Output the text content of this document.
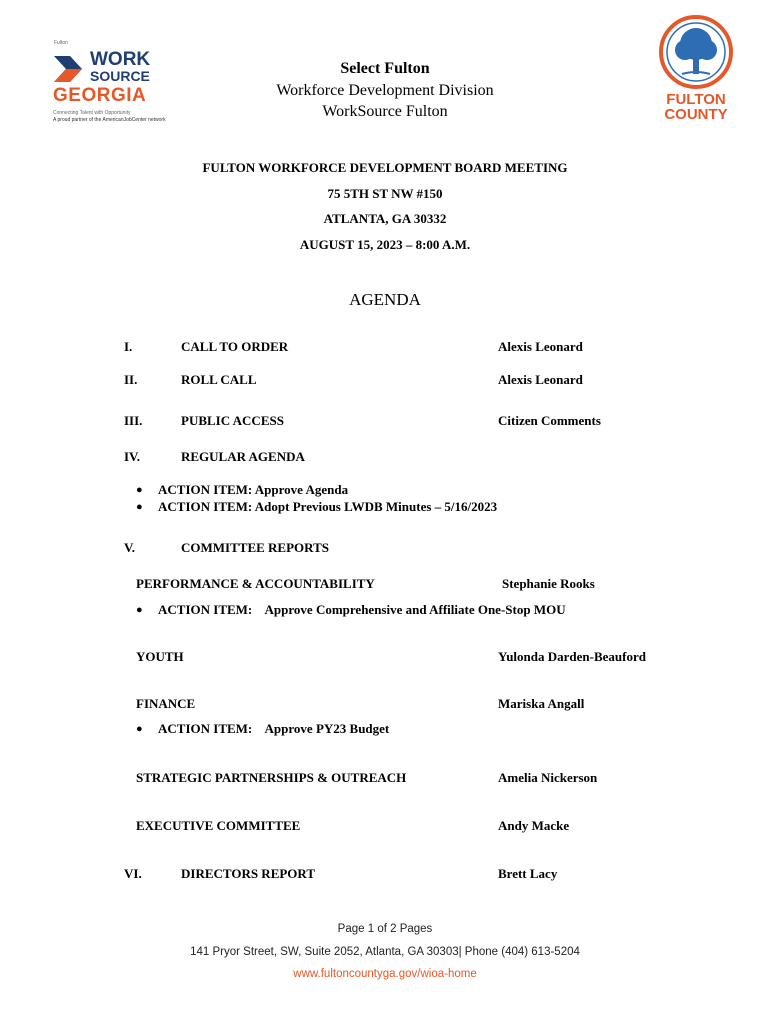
Fulton
WORK
SOURCE
GEORGIA
Connecting Talent with Opportunity
A proud partner of the AmericanJobCenter network
FULTON
COUNTY
Select Fulton
Workforce Development Division
WorkSource Fulton
FULTON WORKFORCE DEVELOPMENT BOARD MEETING
75 5TH ST NW #150
ATLANTA, GA 30332
AUGUST 15, 2023 – 8:00 A.M.
AGENDA
I.	CALL TO ORDER	Alexis Leonard
II.	ROLL CALL	Alexis Leonard
III.	PUBLIC ACCESS	Citizen Comments
IV.	REGULAR AGENDA
● ACTION ITEM: Approve Agenda
● ACTION ITEM: Adopt Previous LWDB Minutes – 5/16/2023
V.	COMMITTEE REPORTS
PERFORMANCE & ACCOUNTABILITY	Stephanie Rooks
● ACTION ITEM:    Approve Comprehensive and Affiliate One-Stop MOU
YOUTH	Yulonda Darden-Beauford
FINANCE	Mariska Angall
● ACTION ITEM:    Approve PY23 Budget
STRATEGIC PARTNERSHIPS & OUTREACH	Amelia Nickerson
EXECUTIVE COMMITTEE	Andy Macke
VI.	DIRECTORS REPORT	Brett Lacy
Page 1 of 2 Pages
141 Pryor Street, SW, Suite 2052, Atlanta, GA 30303| Phone (404) 613-5204
www.fultoncountyga.gov/wioa-home
